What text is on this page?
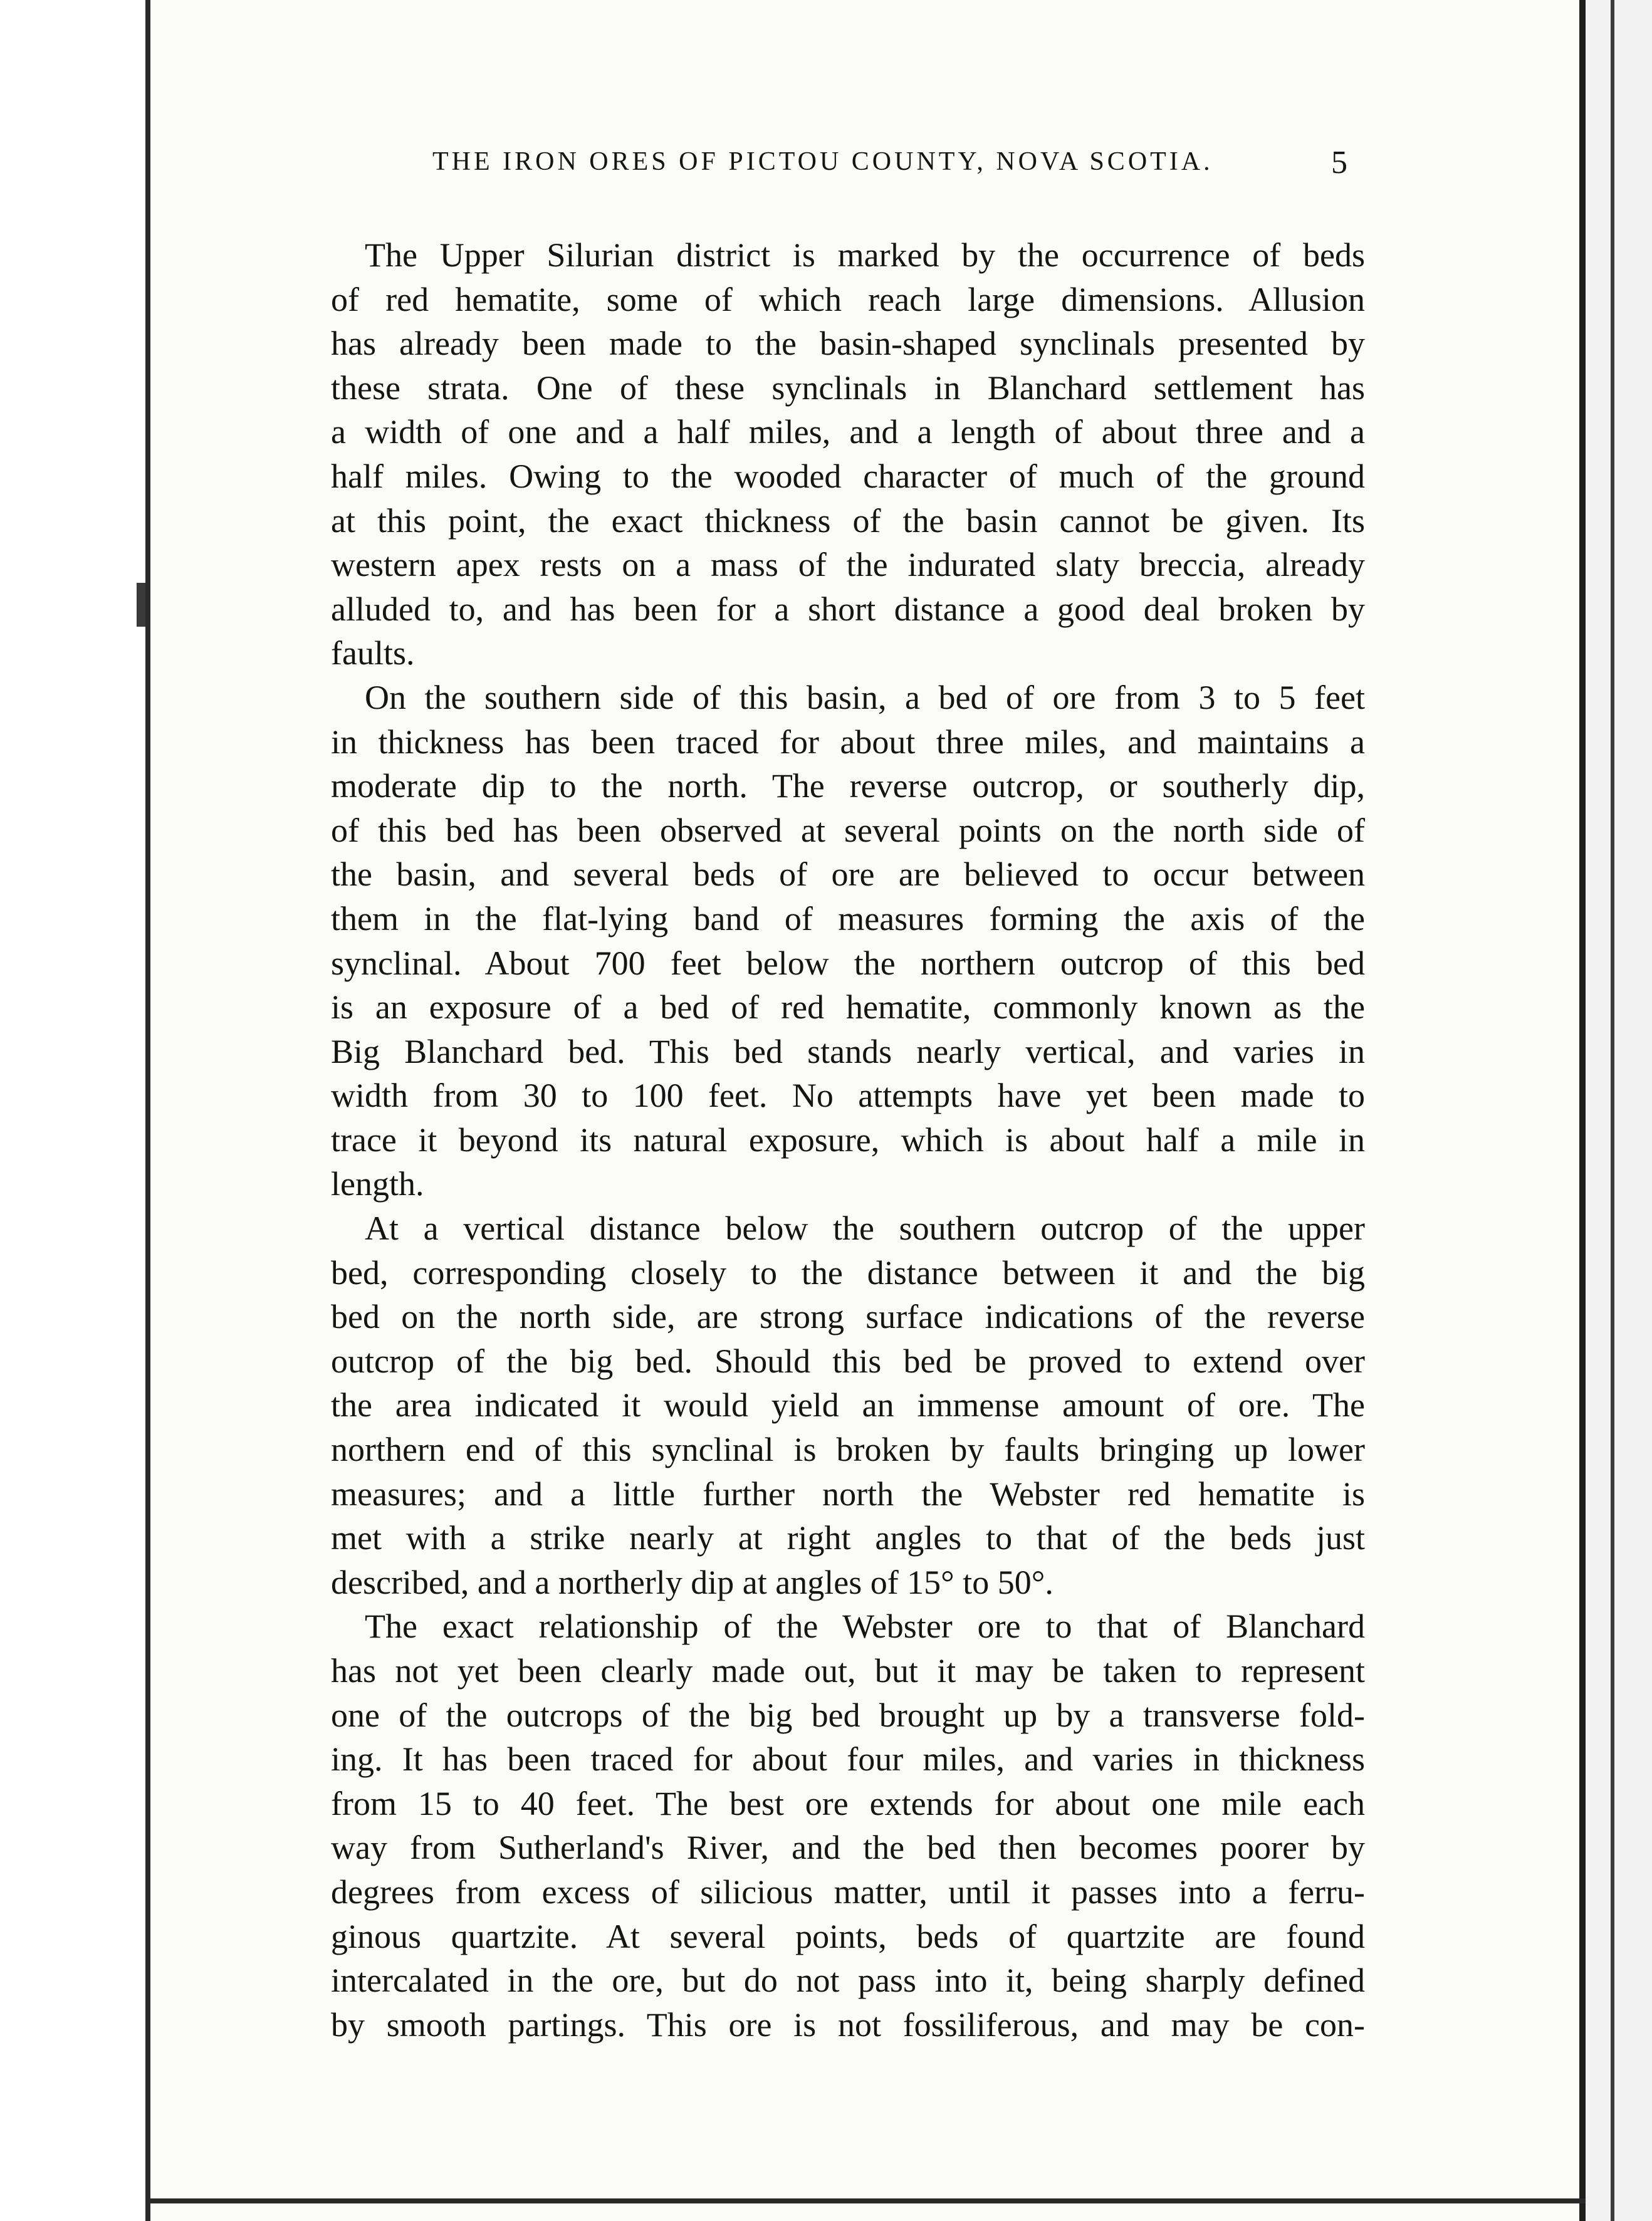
THE IRON ORES OF PICTOU COUNTY, NOVA SCOTIA.	5
The Upper Silurian district is marked by the occurrence of beds
of red hematite, some of which reach large dimensions. Allusion
has already been made to the basin-shaped synclinals presented by
these strata. One of these synclinals in Blanchard settlement has
a width of one and a half miles, and a length of about three and a
half miles. Owing to the wooded character of much of the ground
at this point, the exact thickness of the basin cannot be given. Its
western apex rests on a mass of the indurated slaty breccia, already
alluded to, and has been for a short distance a good deal broken by
faults.
On the southern side of this basin, a bed of ore from 3 to 5 feet
in thickness has been traced for about three miles, and maintains a
moderate dip to the north. The reverse outcrop, or southerly dip,
of this bed has been observed at several points on the north side of
the basin, and several beds of ore are believed to occur between
them in the flat-lying band of measures forming the axis of the
synclinal. About 700 feet below the northern outcrop of this bed
is an exposure of a bed of red hematite, commonly known as the
Big Blanchard bed. This bed stands nearly vertical, and varies in
width from 30 to 100 feet. No attempts have yet been made to
trace it beyond its natural exposure, which is about half a mile in
length.
At a vertical distance below the southern outcrop of the upper
bed, corresponding closely to the distance between it and the big
bed on the north side, are strong surface indications of the reverse
outcrop of the big bed. Should this bed be proved to extend over
the area indicated it would yield an immense amount of ore. The
northern end of this synclinal is broken by faults bringing up lower
measures; and a little further north the Webster red hematite is
met with a strike nearly at right angles to that of the beds just
described, and a northerly dip at angles of 15° to 50°.
The exact relationship of the Webster ore to that of Blanchard
has not yet been clearly made out, but it may be taken to represent
one of the outcrops of the big bed brought up by a transverse fold-
ing. It has been traced for about four miles, and varies in thickness
from 15 to 40 feet. The best ore extends for about one mile each
way from Sutherland's River, and the bed then becomes poorer by
degrees from excess of silicious matter, until it passes into a ferru-
ginous quartzite. At several points, beds of quartzite are found
intercalated in the ore, but do not pass into it, being sharply defined
by smooth partings. This ore is not fossiliferous, and may be con-
